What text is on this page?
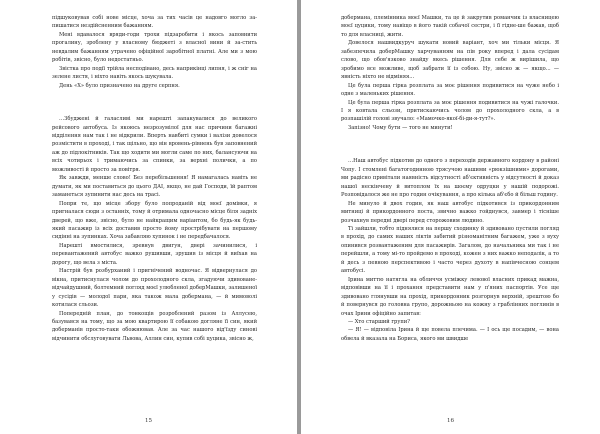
підшуковував собі нове місце, хоча за тих часів це надовго могло за-пишатися нездійсненним бажанням.

Мені вдавалося вряди-годи трохи підзаробити і якось заповнити прогалину, зроблену у власному бюджеті з власної вини й за-стить невдалим бажанням утрачено офіційної заробітної платні. Але ми з мою робітів, звісно, було недостатньо.

Звістка про події трійла несподівано, десь наприкінці липня, і ж сніг на зелене листя, і ніхто навіть якось шукувала.

День «Х» було призначено на друге серпня.

…Збуджені й галасливі ми нарешті запакувалися до великого рейсового автобуса. Із якоюсь незрозумілої для нас причини багажні відділення нам так і не відкрили. Вперть навбиті сумки і валізи довелося розмістити в проході, і так щільно, що він вровень-рівнень був заповнений аж до підлокітників. Так що ходити ми могли саме по них, балансуючи на всіх чотирьох і тримаючись за спинки, за верхні полички, а по можливості й просто за повітря.

Як завжди, менше слово! Без перебільшення! Я намагалась навіть не думати, як ми поставиться до цього ДАІ, якщо, не дай Господи, їй раптом заманеться зупинити нас десь на трасі.

Попри те, що місце збору було попроданій від моєї домівки, я пригналася сюди з останніх, тому й отримала одночасно місце біля задніх дверей, що вже, звісно, було не найкращим варіантом, бо будь-як будь-який пасажир із всіх доставив просто йому прострібувати на першому сидінні на зупинках. Хоча забавляю хупинок і не передбачалося.

Нарешті вмостилися, зревнув двигун, двері зачинилися, і перевантажений автобус важко рушивши, зрушив із місця й виїхав на дорогу, що вела з міста.

Настрій був розбурханий і пригнічений водночас. Я відвернулася до вікна, притиснулася чолом до прохолодного скла, згадуючи здивоване-відчайдушний, болтемний погляд моєї улюбленої доберМашки, залишеної у сусідів — молодої пари, яка також мала доберманa, — й мимоволі котилася сльози.

Попередній план, до тонкощів розроблений разом із Аллусею, базувався на тому, що за мою квартирою її собакою догляне її син, який доберманів просто-таки обожнював. Але за час нашого від'їзду синові відчинити обслуговувати Львова, Аллин син, купив собі цуцика, звісно ж,

15

добермана, племінника моєї Машки, та це й закрутив романчик із власницею моєї цуцики, тому навіщо в його такій собачої сестри, і її гідне-ше бажав, щоб то для власниці, жити.

Довелося нашвидкуруч шукати новий варіант, хоч ми тільки місця. Я забезпечила доберМашку харчуванням на пів року вперед і дала сусідам слово, що обов'язково знайду якесь рішення. Для себе ж вирішила, що зробимо все можливе, щоб забрати її із собою. Ну, звісно ж — якщо... — явність ніхто не відміняя...

Це була перша гірка розплата за моє рішення подивитися на чуже небо і одне з маленьких рішення.

Це була перша гірка розплата за моє рішення подивитися на чужі галочки. І я ковтала сльози, притискаючись чолом до прохолодного скла, а в розпашілій голові звучало: «Мамочко-якої-бі-ди-я-тут?».

Запізно! Чому бути — того не минути!

…Наш автобус підкотив до одного з переходів державного кордону в районі Чопу. І стомлені багатогодинною трясучою нашими «рюкзішними» дорогами, ми радісно привітали наявність відсутності аб'єктивність у відсутності й доказ нашої нескінчену й витоплом їх на шоєму одруцки у нашій подорожі. Розповідалося же не про годин очікування, а про кілька аб'єбо й більш годину.

Не минуло й двох годин, як наш автобус підкотився із прикордонним митниці й прикордонного поста, звично важко гойднувся, завмер і тісніше розчахнув передні двері перед сторожовим людино.

Ті зайшли, тобто піднялися на першу сходинку й здивовано пустили погляд в прохід, до самих наших ліктів забитий різноманітним багажем, уже з вуху опинився розвантаженим для пасажирів. Загалом, до начальника ми так і не перейшли, а тому мі-то пройдемо в проході, кожен з них важко неподалік, а то й десь з певною перспективою і часто через духоту в напівчесною сонцем автобусі.

Ірина миттю натягла на обличчя усміжку левової власних прикад мажна, відповівши на її і прохання представити нам у п'яних паспортів. Усе ще здивовано глянувши на прохід, прикордонник розгорнув верхній, зрештою бо й повернувся до головна групо, дорожньою на кожну з граблінних поглинів в очах Ірини офіційно запитав:

— Хто старший групи?

— Я! — відповіла Ірина й ще повела плечима. — І ось ще посадим, — вона обвела й вказала на Бориса, якого ми швидше

16
